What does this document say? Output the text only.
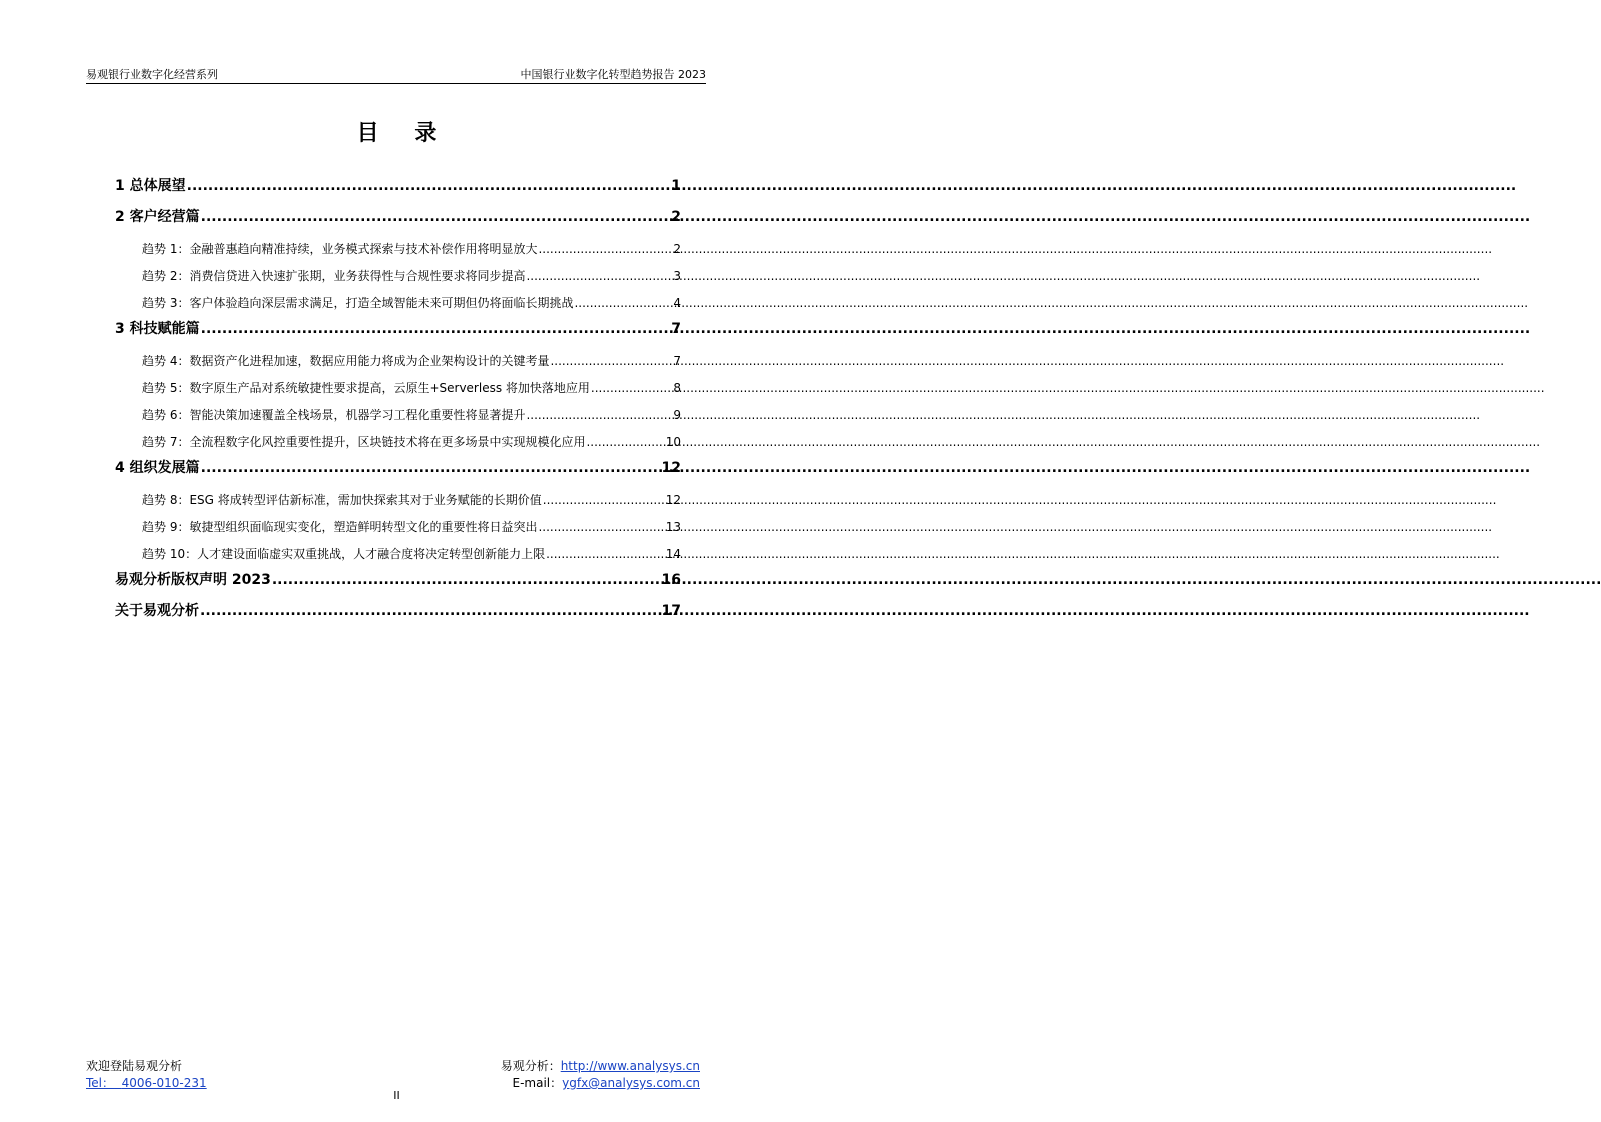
易观银行业数字化经营系列	中国银行业数字化转型趋势报告 2023
目 录
1 总体展望 .....	1
2 客户经营篇 .....	2
趋势 1：金融普惠趋向精准持续，业务模式探索与技术补偿作用将明显放大 .....	2
趋势 2：消费信贷进入快速扩张期，业务获得性与合规性要求将同步提高 .....	3
趋势 3：客户体验趋向深层需求满足，打造全域智能未来可期但仍将面临长期挑战 .....	4
3 科技赋能篇 .....	7
趋势 4：数据资产化进程加速，数据应用能力将成为企业架构设计的关键考量 .....	7
趋势 5：数字原生产品对系统敏捷性要求提高，云原生+Serverless 将加快落地应用 .....	8
趋势 6：智能决策加速覆盖全栈场景，机器学习工程化重要性将显著提升 .....	9
趋势 7：全流程数字化风控重要性提升，区块链技术将在更多场景中实现规模化应用 .....	10
4 组织发展篇 .....	12
趋势 8：ESG 将成转型评估新标准，需加快探索其对于业务赋能的长期价值 .....	12
趋势 9：敏捷型组织面临现实变化，塑造鲜明转型文化的重要性将日益突出 .....	13
趋势 10：人才建设面临虚实双重挑战，人才融合度将决定转型创新能力上限 .....	14
易观分析版权声明 2023 .....	16
关于易观分析 .....	17
欢迎登陆易观分析
Tel： 4006-010-231
易观分析：http://www.analysys.cn
E-mail：ygfx@analysys.com.cn
II
